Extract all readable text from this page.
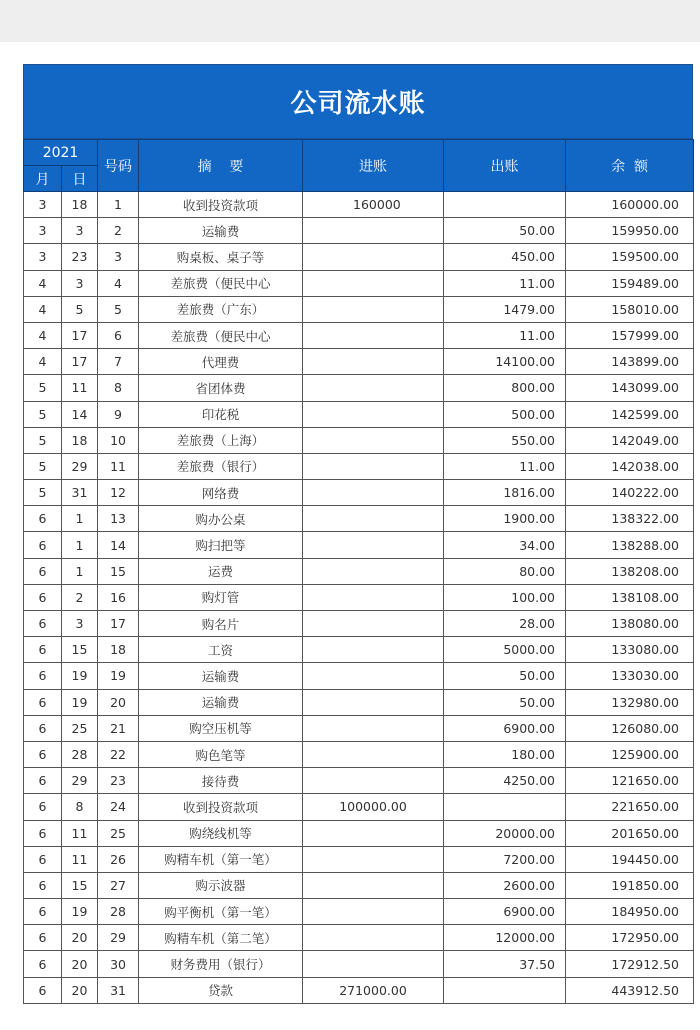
公司流水账
2021		号码	摘    要	进账	出账	余  额
月	日					
3	18	1	收到投资款项	160000		160000.00
3	3	2	运输费		50.00	159950.00
3	23	3	购桌板、桌子等		450.00	159500.00
4	3	4	差旅费（便民中心		11.00	159489.00
4	5	5	差旅费（广东）		1479.00	158010.00
4	17	6	差旅费（便民中心		11.00	157999.00
4	17	7	代理费		14100.00	143899.00
5	11	8	省团体费		800.00	143099.00
5	14	9	印花税		500.00	142599.00
5	18	10	差旅费（上海）		550.00	142049.00
5	29	11	差旅费（银行）		11.00	142038.00
5	31	12	网络费		1816.00	140222.00
6	1	13	购办公桌		1900.00	138322.00
6	1	14	购扫把等		34.00	138288.00
6	1	15	运费		80.00	138208.00
6	2	16	购灯管		100.00	138108.00
6	3	17	购名片		28.00	138080.00
6	15	18	工资		5000.00	133080.00
6	19	19	运输费		50.00	133030.00
6	19	20	运输费		50.00	132980.00
6	25	21	购空压机等		6900.00	126080.00
6	28	22	购色笔等		180.00	125900.00
6	29	23	接待费		4250.00	121650.00
6	8	24	收到投资款项	100000.00		221650.00
6	11	25	购绕线机等		20000.00	201650.00
6	11	26	购精车机（第一笔）		7200.00	194450.00
6	15	27	购示波器		2600.00	191850.00
6	19	28	购平衡机（第一笔）		6900.00	184950.00
6	20	29	购精车机（第二笔）		12000.00	172950.00
6	20	30	财务费用（银行）		37.50	172912.50
6	20	31	贷款	271000.00		443912.50
